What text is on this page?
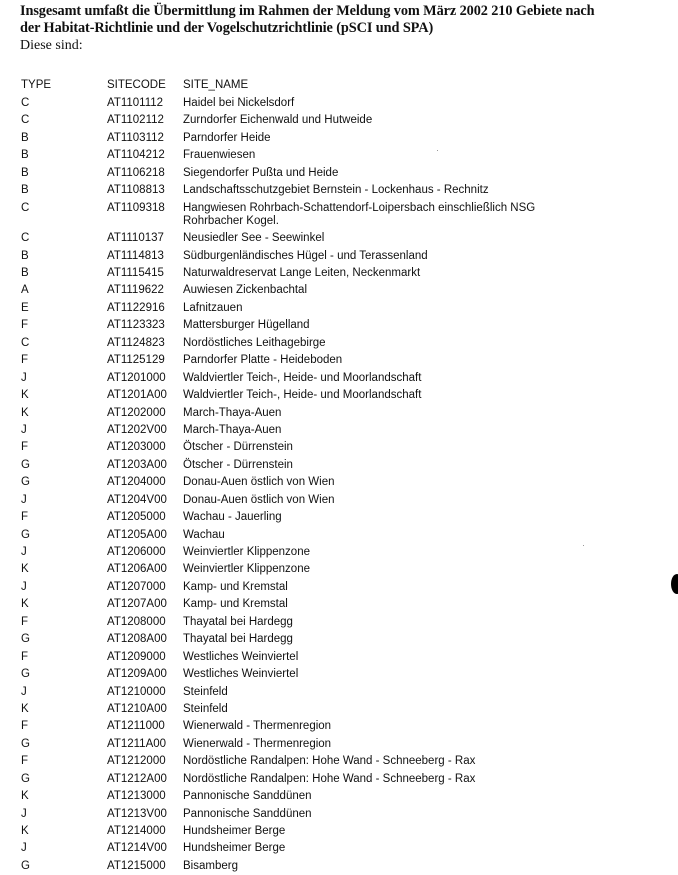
Insgesamt umfaßt die Übermittlung im Rahmen der Meldung vom März 2002 210 Gebiete nach
der Habitat-Richtlinie und der Vogelschutzrichtlinie (pSCI und SPA)
Diese sind:
TYPE	SITECODE	SITE_NAME
C	AT1101112	Haidel bei Nickelsdorf
C	AT1102112	Zurndorfer Eichenwald und Hutweide
B	AT1103112	Parndorfer Heide
B	AT1104212	Frauenwiesen
B	AT1106218	Siegendorfer Pußta und Heide
B	AT1108813	Landschaftsschutzgebiet Bernstein - Lockenhaus - Rechnitz
C	AT1109318	Hangwiesen Rohrbach-Schattendorf-Loipersbach einschließlich NSG
Rohrbacher Kogel.
C	AT1110137	Neusiedler See - Seewinkel
B	AT1114813	Südburgenländisches Hügel - und Terassenland
B	AT1115415	Naturwaldreservat Lange Leiten, Neckenmarkt
A	AT1119622	Auwiesen Zickenbachtal
E	AT1122916	Lafnitzauen
F	AT1123323	Mattersburger Hügelland
C	AT1124823	Nordöstliches Leithagebirge
F	AT1125129	Parndorfer Platte - Heideboden
J	AT1201000	Waldviertler Teich-, Heide- und Moorlandschaft
K	AT1201A00	Waldviertler Teich-, Heide- und Moorlandschaft
K	AT1202000	March-Thaya-Auen
J	AT1202V00	March-Thaya-Auen
F	AT1203000	Ötscher - Dürrenstein
G	AT1203A00	Ötscher - Dürrenstein
G	AT1204000	Donau-Auen östlich von Wien
J	AT1204V00	Donau-Auen östlich von Wien
F	AT1205000	Wachau - Jauerling
G	AT1205A00	Wachau
J	AT1206000	Weinviertler Klippenzone
K	AT1206A00	Weinviertler Klippenzone
J	AT1207000	Kamp- und Kremstal
K	AT1207A00	Kamp- und Kremstal
F	AT1208000	Thayatal bei Hardegg
G	AT1208A00	Thayatal bei Hardegg
F	AT1209000	Westliches Weinviertel
G	AT1209A00	Westliches Weinviertel
J	AT1210000	Steinfeld
K	AT1210A00	Steinfeld
F	AT1211000	Wienerwald - Thermenregion
G	AT1211A00	Wienerwald - Thermenregion
F	AT1212000	Nordöstliche Randalpen: Hohe Wand - Schneeberg - Rax
G	AT1212A00	Nordöstliche Randalpen: Hohe Wand - Schneeberg - Rax
K	AT1213000	Pannonische Sanddünen
J	AT1213V00	Pannonische Sanddünen
K	AT1214000	Hundsheimer Berge
J	AT1214V00	Hundsheimer Berge
G	AT1215000	Bisamberg
